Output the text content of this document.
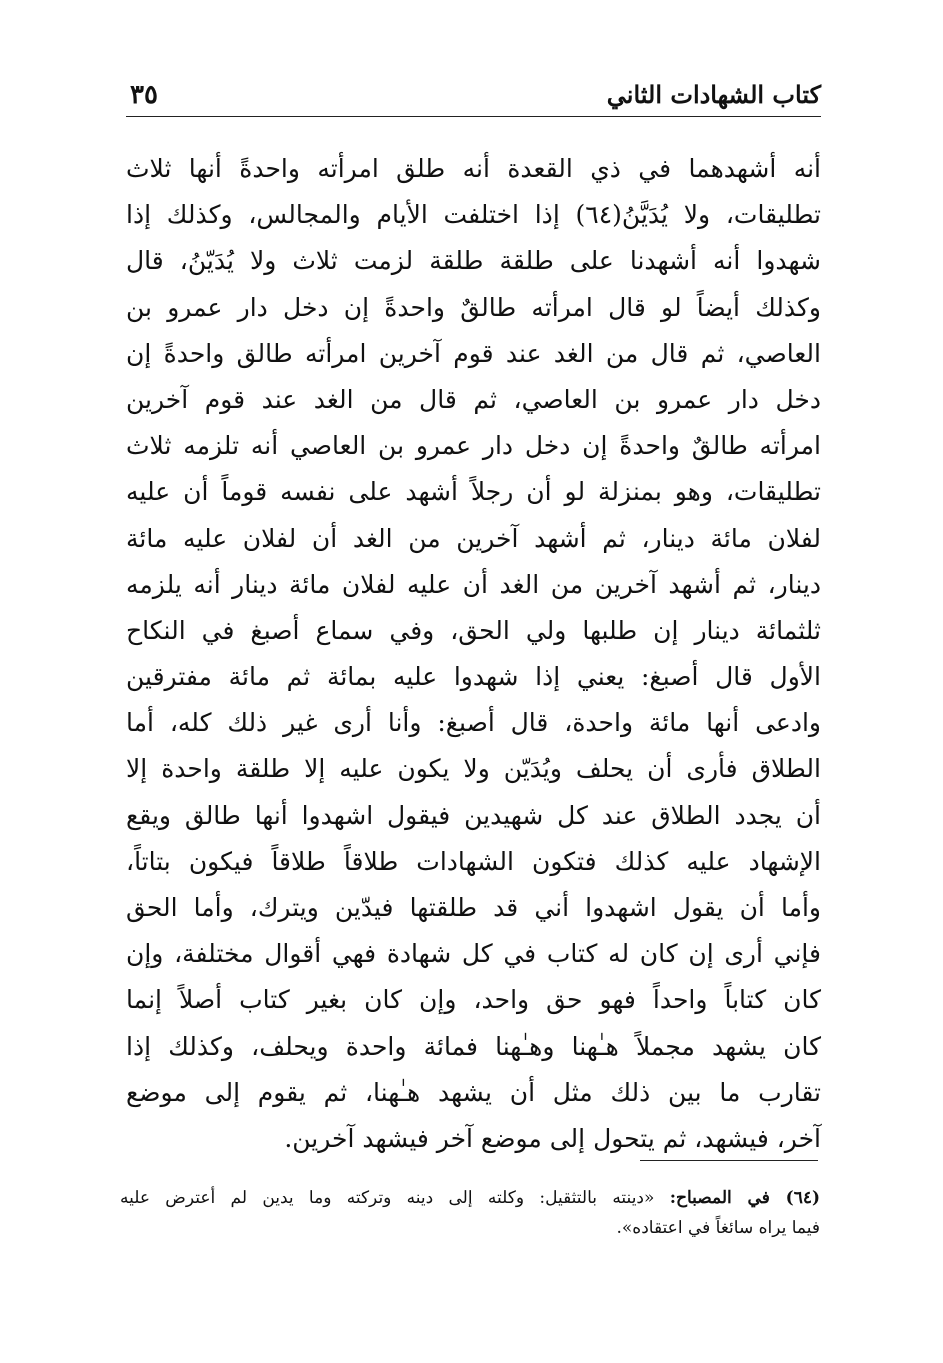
كتاب الشهادات الثاني
٣٥
أنه أشهدهما في ذي القعدة أنه طلق امرأته واحدةً أنها ثلاث
تطليقات، ولا يُدَيَّنُ(٦٤) إذا اختلفت الأيام والمجالس، وكذلك إذا
شهدوا أنه أشهدنا على طلقة طلقة لزمت ثلاث ولا يُدَيّنُ، قال
وكذلك أيضاً لو قال امرأته طالقٌ واحدةً إن دخل دار عمرو بن
العاصي، ثم قال من الغد عند قوم آخرين امرأته طالق واحدةً إن
دخل دار عمرو بن العاصي، ثم قال من الغد عند قوم آخرين
امرأته طالقٌ واحدةً إن دخل دار عمرو بن العاصي أنه تلزمه ثلاث
تطليقات، وهو بمنزلة لو أن رجلاً أشهد على نفسه قوماً أن عليه
لفلان مائة دينار، ثم أشهد آخرين من الغد أن لفلان عليه مائة
دينار، ثم أشهد آخرين من الغد أن عليه لفلان مائة دينار أنه يلزمه
ثلثمائة دينار إن طلبها ولي الحق، وفي سماع أصبغ في النكاح
الأول قال أصبغ: يعني إذا شهدوا عليه بمائة ثم مائة مفترقين
وادعى أنها مائة واحدة، قال أصبغ: وأنا أرى غير ذلك كله، أما
الطلاق فأرى أن يحلف ويُدَيّن ولا يكون عليه إلا طلقة واحدة إلا
أن يجدد الطلاق عند كل شهيدين فيقول اشهدوا أنها طالق ويقع
الإشهاد عليه كذلك فتكون الشهادات طلاقاً طلاقاً فيكون بتاتاً،
وأما أن يقول اشهدوا أني قد طلقتها فيدّين ويترك، وأما الحق
فإني أرى إن كان له كتاب في كل شهادة فهي أقوال مختلفة، وإن
كان كتاباً واحداً فهو حق واحد، وإن كان بغير كتاب أصلاً إنما
كان يشهد مجملاً هـٰهنا وهـٰهنا فمائة واحدة ويحلف، وكذلك إذا
تقارب ما بين ذلك مثل أن يشهد هـٰهنا، ثم يقوم إلى موضع
آخر، فيشهد، ثم يتحول إلى موضع آخر فيشهد آخرين.
(٦٤) في المصباح: «دينته بالتثقيل: وكلته إلى دينه وتركته وما يدين لم أعترض عليه
فيما يراه سائغاً في اعتقاده».
